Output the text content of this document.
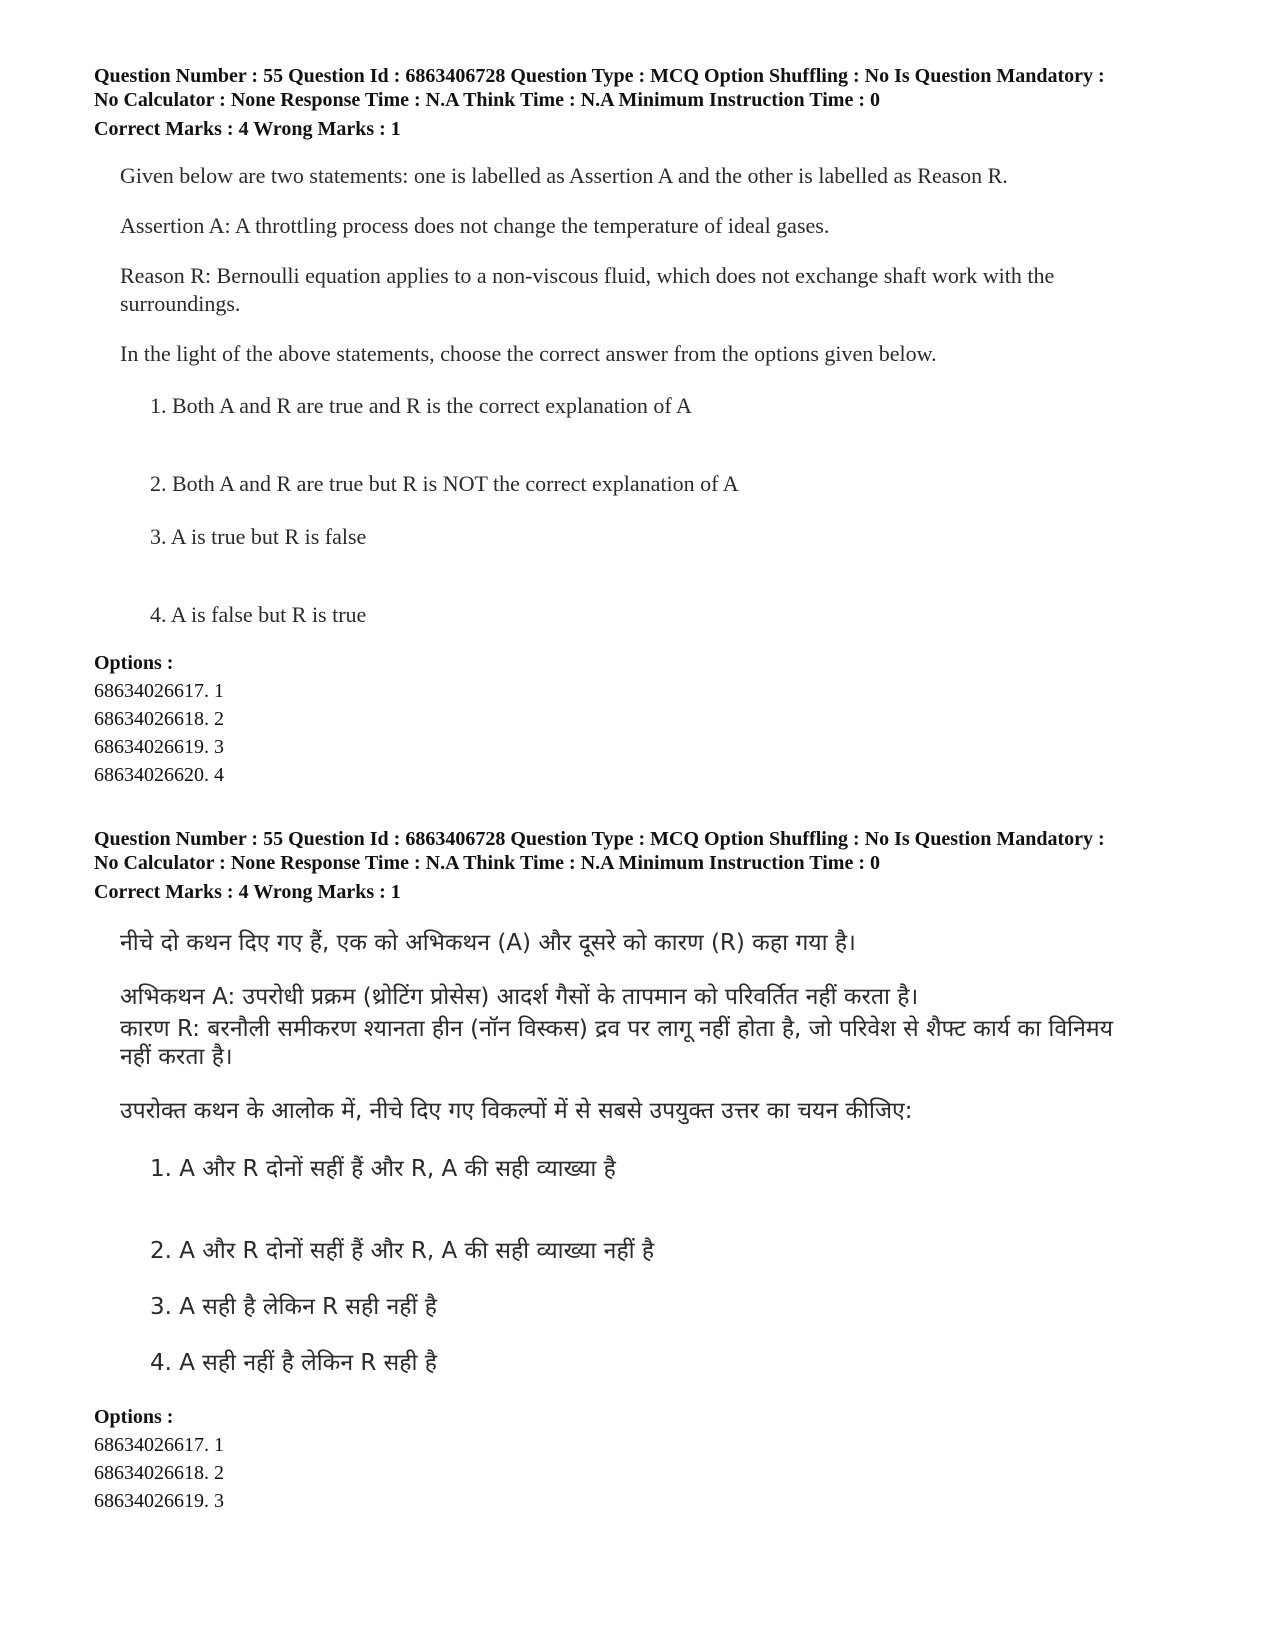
Question Number : 55 Question Id : 6863406728 Question Type : MCQ Option Shuffling : No Is Question Mandatory :

No Calculator : None Response Time : N.A Think Time : N.A Minimum Instruction Time : 0

Correct Marks : 4 Wrong Marks : 1

Given below are two statements: one is labelled as Assertion A and the other is labelled as Reason R.

Assertion A: A throttling process does not change the temperature of ideal gases.

Reason R: Bernoulli equation applies to a non-viscous fluid, which does not exchange shaft work with the surroundings.

In the light of the above statements, choose the correct answer from the options given below.

1. Both A and R are true and R is the correct explanation of A

2. Both A and R are true but R is NOT the correct explanation of A

3. A is true but R is false

4. A is false but R is true

Options :

68634026617. 1

68634026618. 2

68634026619. 3

68634026620. 4

Question Number : 55 Question Id : 6863406728 Question Type : MCQ Option Shuffling : No Is Question Mandatory :

No Calculator : None Response Time : N.A Think Time : N.A Minimum Instruction Time : 0

Correct Marks : 4 Wrong Marks : 1

नीचे दो कथन दिए गए हैं, एक को अभिकथन (A) और दूसरे को कारण (R) कहा गया है।

अभिकथन A: उपरोधी प्रक्रम (थ्रोटिंग प्रोसेस) आदर्श गैसों के तापमान को परिवर्तित नहीं करता है।

कारण R: बरनौली समीकरण श्यानता हीन (नॉन विस्कस) द्रव पर लागू नहीं होता है, जो परिवेश से शैफ्ट कार्य का विनिमय नहीं करता है।

उपरोक्त कथन के आलोक में, नीचे दिए गए विकल्पों में से सबसे उपयुक्त उत्तर का चयन कीजिए:

1. A और R दोनों सहीं हैं और R, A की सही व्याख्या है

2. A और R दोनों सहीं हैं और R, A की सही व्याख्या नहीं है

3. A सही है लेकिन R सही नहीं है

4. A सही नहीं है लेकिन R सही है

Options :

68634026617. 1

68634026618. 2

68634026619. 3
